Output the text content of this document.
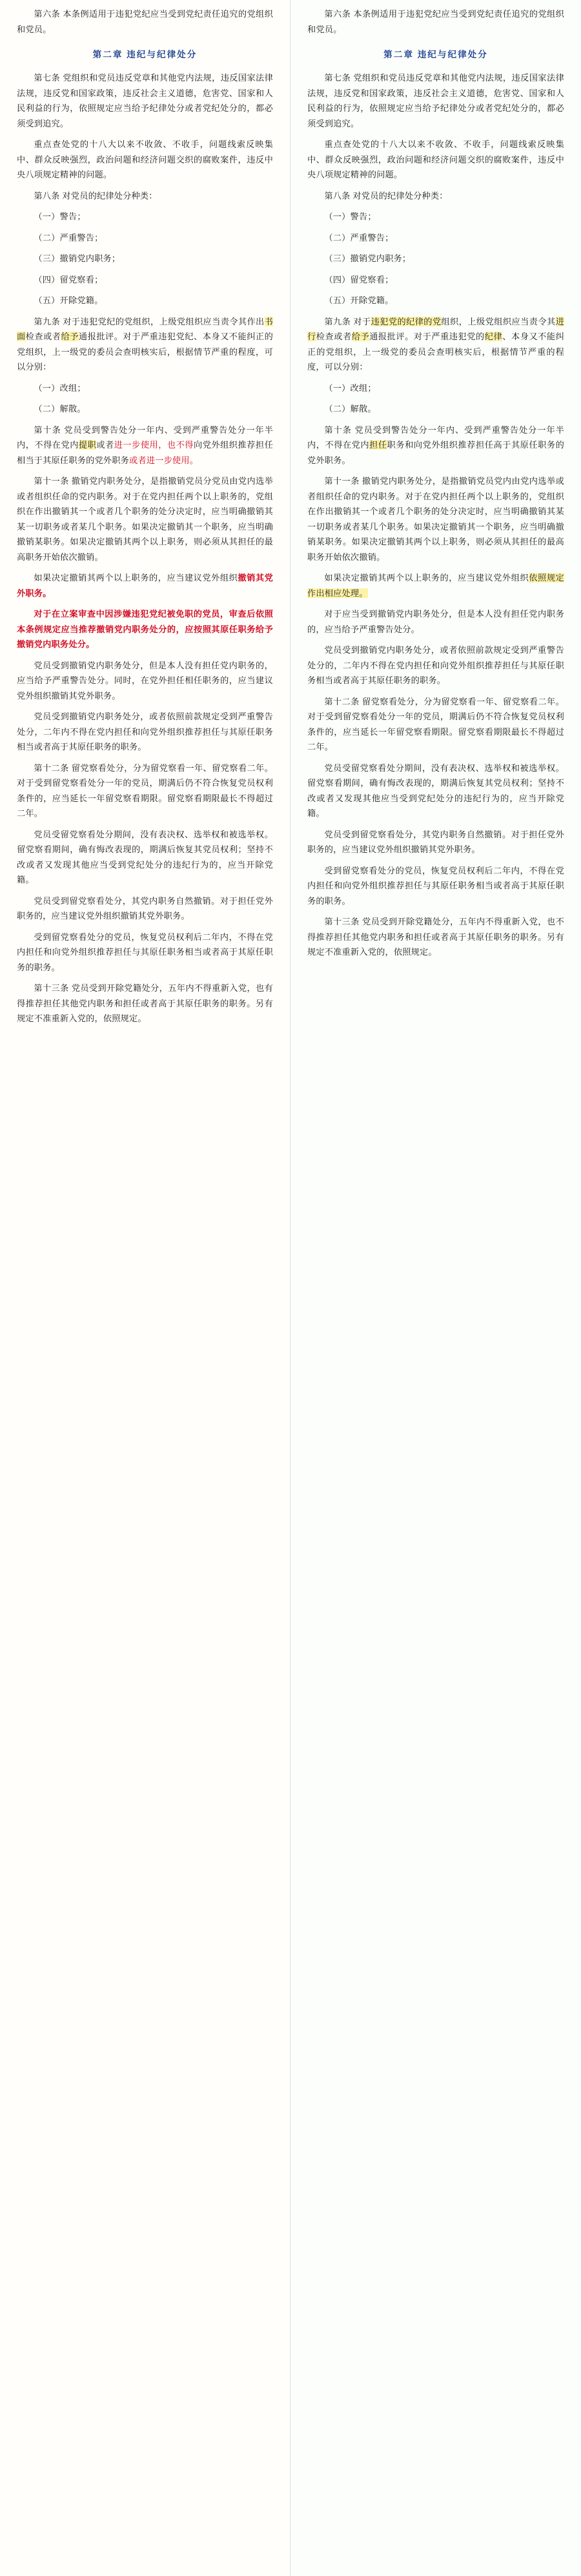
第六条 本条例适用于违犯党纪应当受到党纪责任追究的党组织和党员。

第二章 违纪与纪律处分

第七条 党组织和党员违反党章和其他党内法规，违反国家法律法规，违反党和国家政策，违反社会主义道德，危害党、国家和人民利益的行为，依照规定应当给予纪律处分或者党纪处分的，都必须受到追究。

重点查处党的十八大以来不收敛、不收手，问题线索反映集中、群众反映强烈，政治问题和经济问题交织的腐败案件，违反中央八项规定精神的问题。

第八条 对党员的纪律处分种类：

（一）警告；

（二）严重警告；

（三）撤销党内职务；

（四）留党察看；

（五）开除党籍。

第九条 对于违犯党纪的党组织，上级党组织应当责令其作出书面检查或者给予通报批评。对于严重违犯党纪、本身又不能纠正的党组织，上一级党的委员会查明核实后，根据情节严重的程度，可以分别：

（一）改组；

（二）解散。

第十条 党员受到警告处分一年内、受到严重警告处分一年半内，不得在党内提职或者进一步使用，也不得向党外组织推荐担任相当于其原任职务的党外职务或者进一步使用。

第十一条 撤销党内职务处分，是指撤销党员分党员由党内选举或者组织任命的党内职务。对于在党内担任两个以上职务的，党组织在作出撤销其一个或者几个职务的处分决定时，应当明确撤销其某一切职务或者某几个职务。如果决定撤销其一个职务，应当明确撤销某职务。如果决定撤销其两个以上职务，则必须从其担任的最高职务开始依次撤销。

如果决定撤销其两个以上职务的，应当建议党外组织撤销其党外职务。

对于在立案审查中因涉嫌违犯党纪被免职的党员，审查后依照本条例规定应当推荐撤销党内职务处分的，应按照其原任职务给予撤销党内职务处分。

党员受到撤销党内职务处分，但是本人没有担任党内职务的，应当给予严重警告处分。同时，在党外担任相任职务的，应当建议党外组织撤销其党外职务。

党员受到撤销党内职务处分，或者依照前款规定受到严重警告处分，二年内不得在党内担任和向党外组织推荐担任与其原任职务相当或者高于其原任职务的职务。

第十二条 留党察看处分，分为留党察看一年、留党察看二年。对于受到留党察看处分一年的党员，期满后仍不符合恢复党员权利条件的，应当延长一年留党察看期限。留党察看期限最长不得超过二年。

党员受留党察看处分期间，没有表决权、选举权和被选举权。留党察看期间，确有悔改表现的，期满后恢复其党员权利；坚持不改或者又发现其他应当受到党纪处分的违纪行为的，应当开除党籍。

党员受到留党察看处分，其党内职务自然撤销。对于担任党外职务的，应当建议党外组织撤销其党外职务。

受到留党察看处分的党员，恢复党员权利后二年内，不得在党内担任和向党外组织推荐担任与其原任职务相当或者高于其原任职务的职务。

第十三条 党员受到开除党籍处分，五年内不得重新入党，也有得推荐担任其他党内职务和担任或者高于其原任职务的职务。另有规定不准重新入党的，依照规定。

第六条 本条例适用于违犯党纪应当受到党纪责任追究的党组织和党员。

第二章 违纪与纪律处分

第七条 党组织和党员违反党章和其他党内法规，违反国家法律法规，违反党和国家政策，违反社会主义道德，危害党、国家和人民利益的行为，依照规定应当给予纪律处分或者党纪处分的，都必须受到追究。

重点查处党的十八大以来不收敛、不收手，问题线索反映集中、群众反映强烈，政治问题和经济问题交织的腐败案件，违反中央八项规定精神的问题。

第八条 对党员的纪律处分种类：

（一）警告；

（二）严重警告；

（三）撤销党内职务；

（四）留党察看；

（五）开除党籍。

第九条 对于违犯党的纪律的党组织，上级党组织应当责令其进行检查或者给予通报批评。对于严重违犯党的纪律、本身又不能纠正的党组织，上一级党的委员会查明核实后，根据情节严重的程度，可以分别：

（一）改组；

（二）解散。

第十条 党员受到警告处分一年内、受到严重警告处分一年半内，不得在党内担任职务和向党外组织推荐担任高于其原任职务的党外职务。

第十一条 撤销党内职务处分，是指撤销党员党内由党内选举或者组织任命的党内职务。对于在党内担任两个以上职务的，党组织在作出撤销其一个或者几个职务的处分决定时，应当明确撤销其某一切职务或者某几个职务。如果决定撤销其一个职务，应当明确撤销某职务。如果决定撤销其两个以上职务，则必须从其担任的最高职务开始依次撤销。

如果决定撤销其两个以上职务的，应当建议党外组织依照规定作出相应处理。

对于应当受到撤销党内职务处分，但是本人没有担任党内职务的，应当给予严重警告处分。

党员受到撤销党内职务处分，或者依照前款规定受到严重警告处分的，二年内不得在党内担任和向党外组织推荐担任与其原任职务相当或者高于其原任职务的职务。

第十二条 留党察看处分，分为留党察看一年、留党察看二年。对于受到留党察看处分一年的党员，期满后仍不符合恢复党员权利条件的，应当延长一年留党察看期限。留党察看期限最长不得超过二年。

党员受留党察看处分期间，没有表决权、选举权和被选举权。留党察看期间，确有悔改表现的，期满后恢复其党员权利；坚持不改或者又发现其他应当受到党纪处分的违纪行为的，应当开除党籍。

党员受到留党察看处分，其党内职务自然撤销。对于担任党外职务的，应当建议党外组织撤销其党外职务。

受到留党察看处分的党员，恢复党员权利后二年内，不得在党内担任和向党外组织推荐担任与其原任职务相当或者高于其原任职务的职务。

第十三条 党员受到开除党籍处分，五年内不得重新入党，也不得推荐担任其他党内职务和担任或者高于其原任职务的职务。另有规定不准重新入党的，依照规定。
